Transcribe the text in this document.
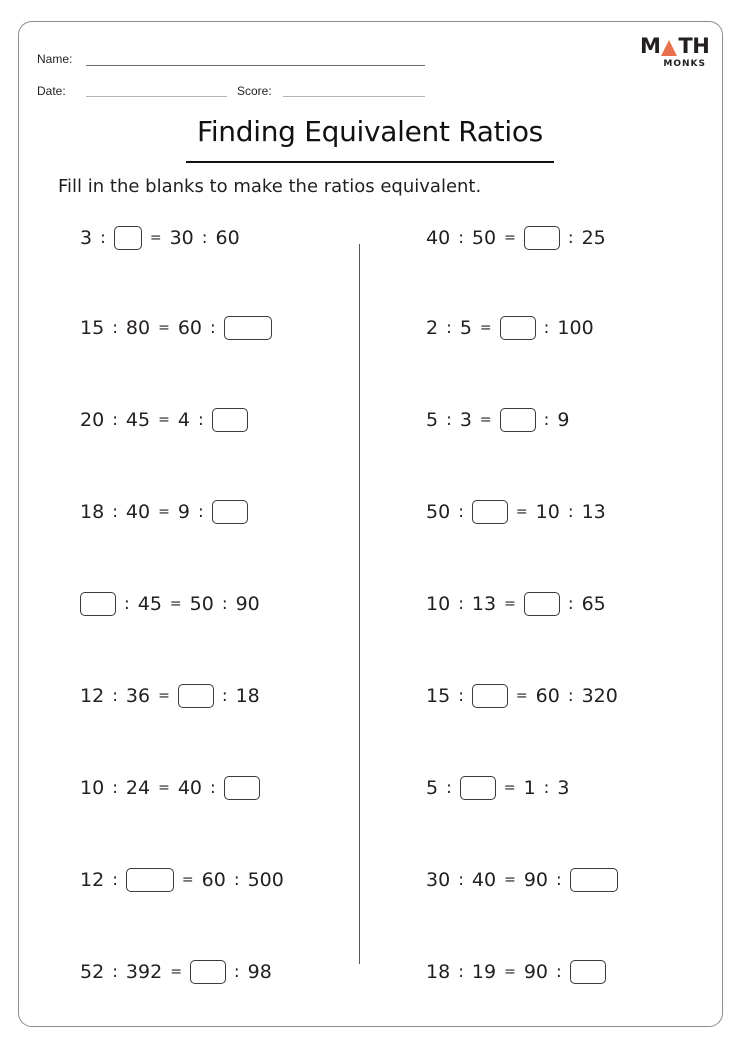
Name:
Date:	Score:
M TH
MONKS
Finding Equivalent Ratios
Fill in the blanks to make the ratios equivalent.
3 :	= 30 : 60
15 : 80 = 60 :
20 : 45 = 4 :
18 : 40 = 9 :
: 45 = 50 : 90
12 : 36 =	: 18
10 : 24 = 40 :
12 :	= 60 : 500
52 : 392 =	: 98
40 : 50 =	: 25
2 : 5 =	: 100
5 : 3 =	: 9
50 :	= 10 : 13
10 : 13 =	: 65
15 :	= 60 : 320
5 :	= 1 : 3
30 : 40 = 90 :
18 : 19 = 90 :
